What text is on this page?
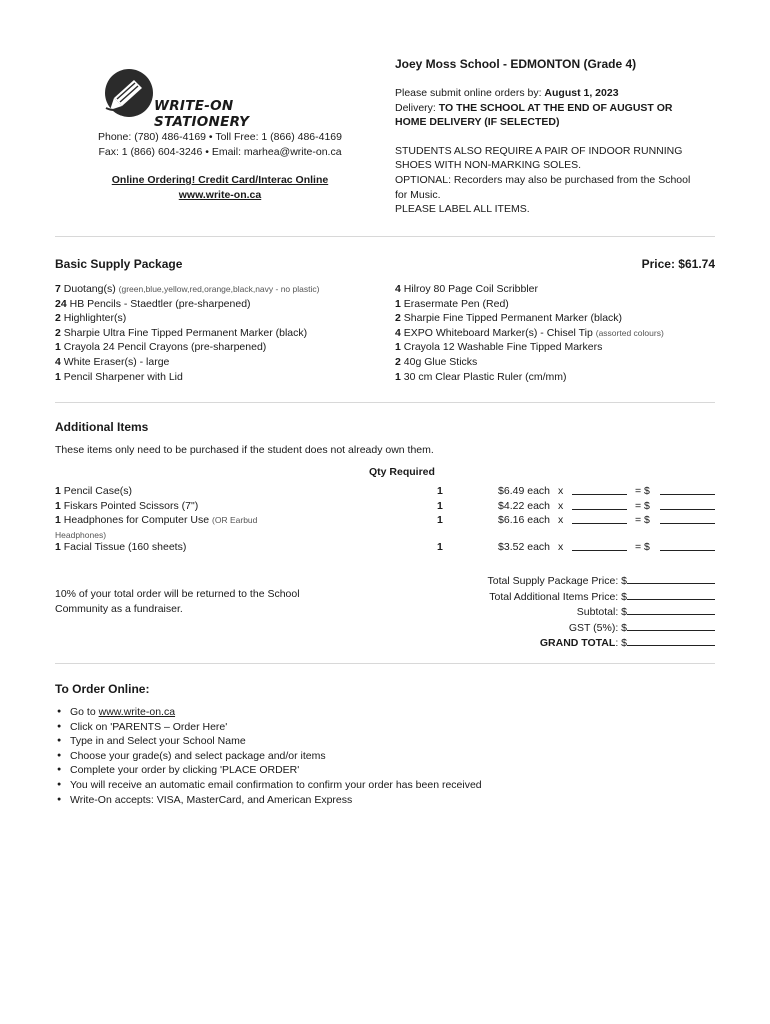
WRITE-ON STATIONERY
Phone: (780) 486-4169 • Toll Free: 1 (866) 486-4169
Fax: 1 (866) 604-3246 • Email: marhea@write-on.ca
Online Ordering! Credit Card/Interac Online
www.write-on.ca
Joey Moss School - EDMONTON (Grade 4)
Please submit online orders by: August 1, 2023
Delivery: TO THE SCHOOL AT THE END OF AUGUST OR HOME DELIVERY (IF SELECTED)
STUDENTS ALSO REQUIRE A PAIR OF INDOOR RUNNING SHOES WITH NON-MARKING SOLES.
OPTIONAL: Recorders may also be purchased from the School for Music.
PLEASE LABEL ALL ITEMS.
Basic Supply Package	Price: $61.74
7 Duotang(s) (green,blue,yellow,red,orange,black,navy - no plastic)
24 HB Pencils - Staedtler (pre-sharpened)
2 Highlighter(s)
2 Sharpie Ultra Fine Tipped Permanent Marker (black)
1 Crayola 24 Pencil Crayons (pre-sharpened)
4 White Eraser(s) - large
1 Pencil Sharpener with Lid
4 Hilroy 80 Page Coil Scribbler
1 Erasermate Pen (Red)
2 Sharpie Fine Tipped Permanent Marker (black)
4 EXPO Whiteboard Marker(s) - Chisel Tip (assorted colours)
1 Crayola 12 Washable Fine Tipped Markers
2 40g Glue Sticks
1 30 cm Clear Plastic Ruler (cm/mm)
Additional Items
These items only need to be purchased if the student does not already own them.
Qty Required
1 Pencil Case(s)	1	$6.49 each x	= $
1 Fiskars Pointed Scissors (7")	1	$4.22 each x	= $
1 Headphones for Computer Use (OR Earbud Headphones)
1	$6.16 each x	= $
1 Facial Tissue (160 sheets)	1	$3.52 each x	= $
10% of your total order will be returned to the School Community as a fundraiser.
Total Supply Package Price: $
Total Additional Items Price: $
Subtotal: $
GST (5%): $
GRAND TOTAL: $
To Order Online:
● Go to www.write-on.ca
● Click on 'PARENTS – Order Here'
● Type in and Select your School Name
● Choose your grade(s) and select package and/or items
● Complete your order by clicking 'PLACE ORDER'
● You will receive an automatic email confirmation to confirm your order has been received
● Write-On accepts: VISA, MasterCard, and American Express
